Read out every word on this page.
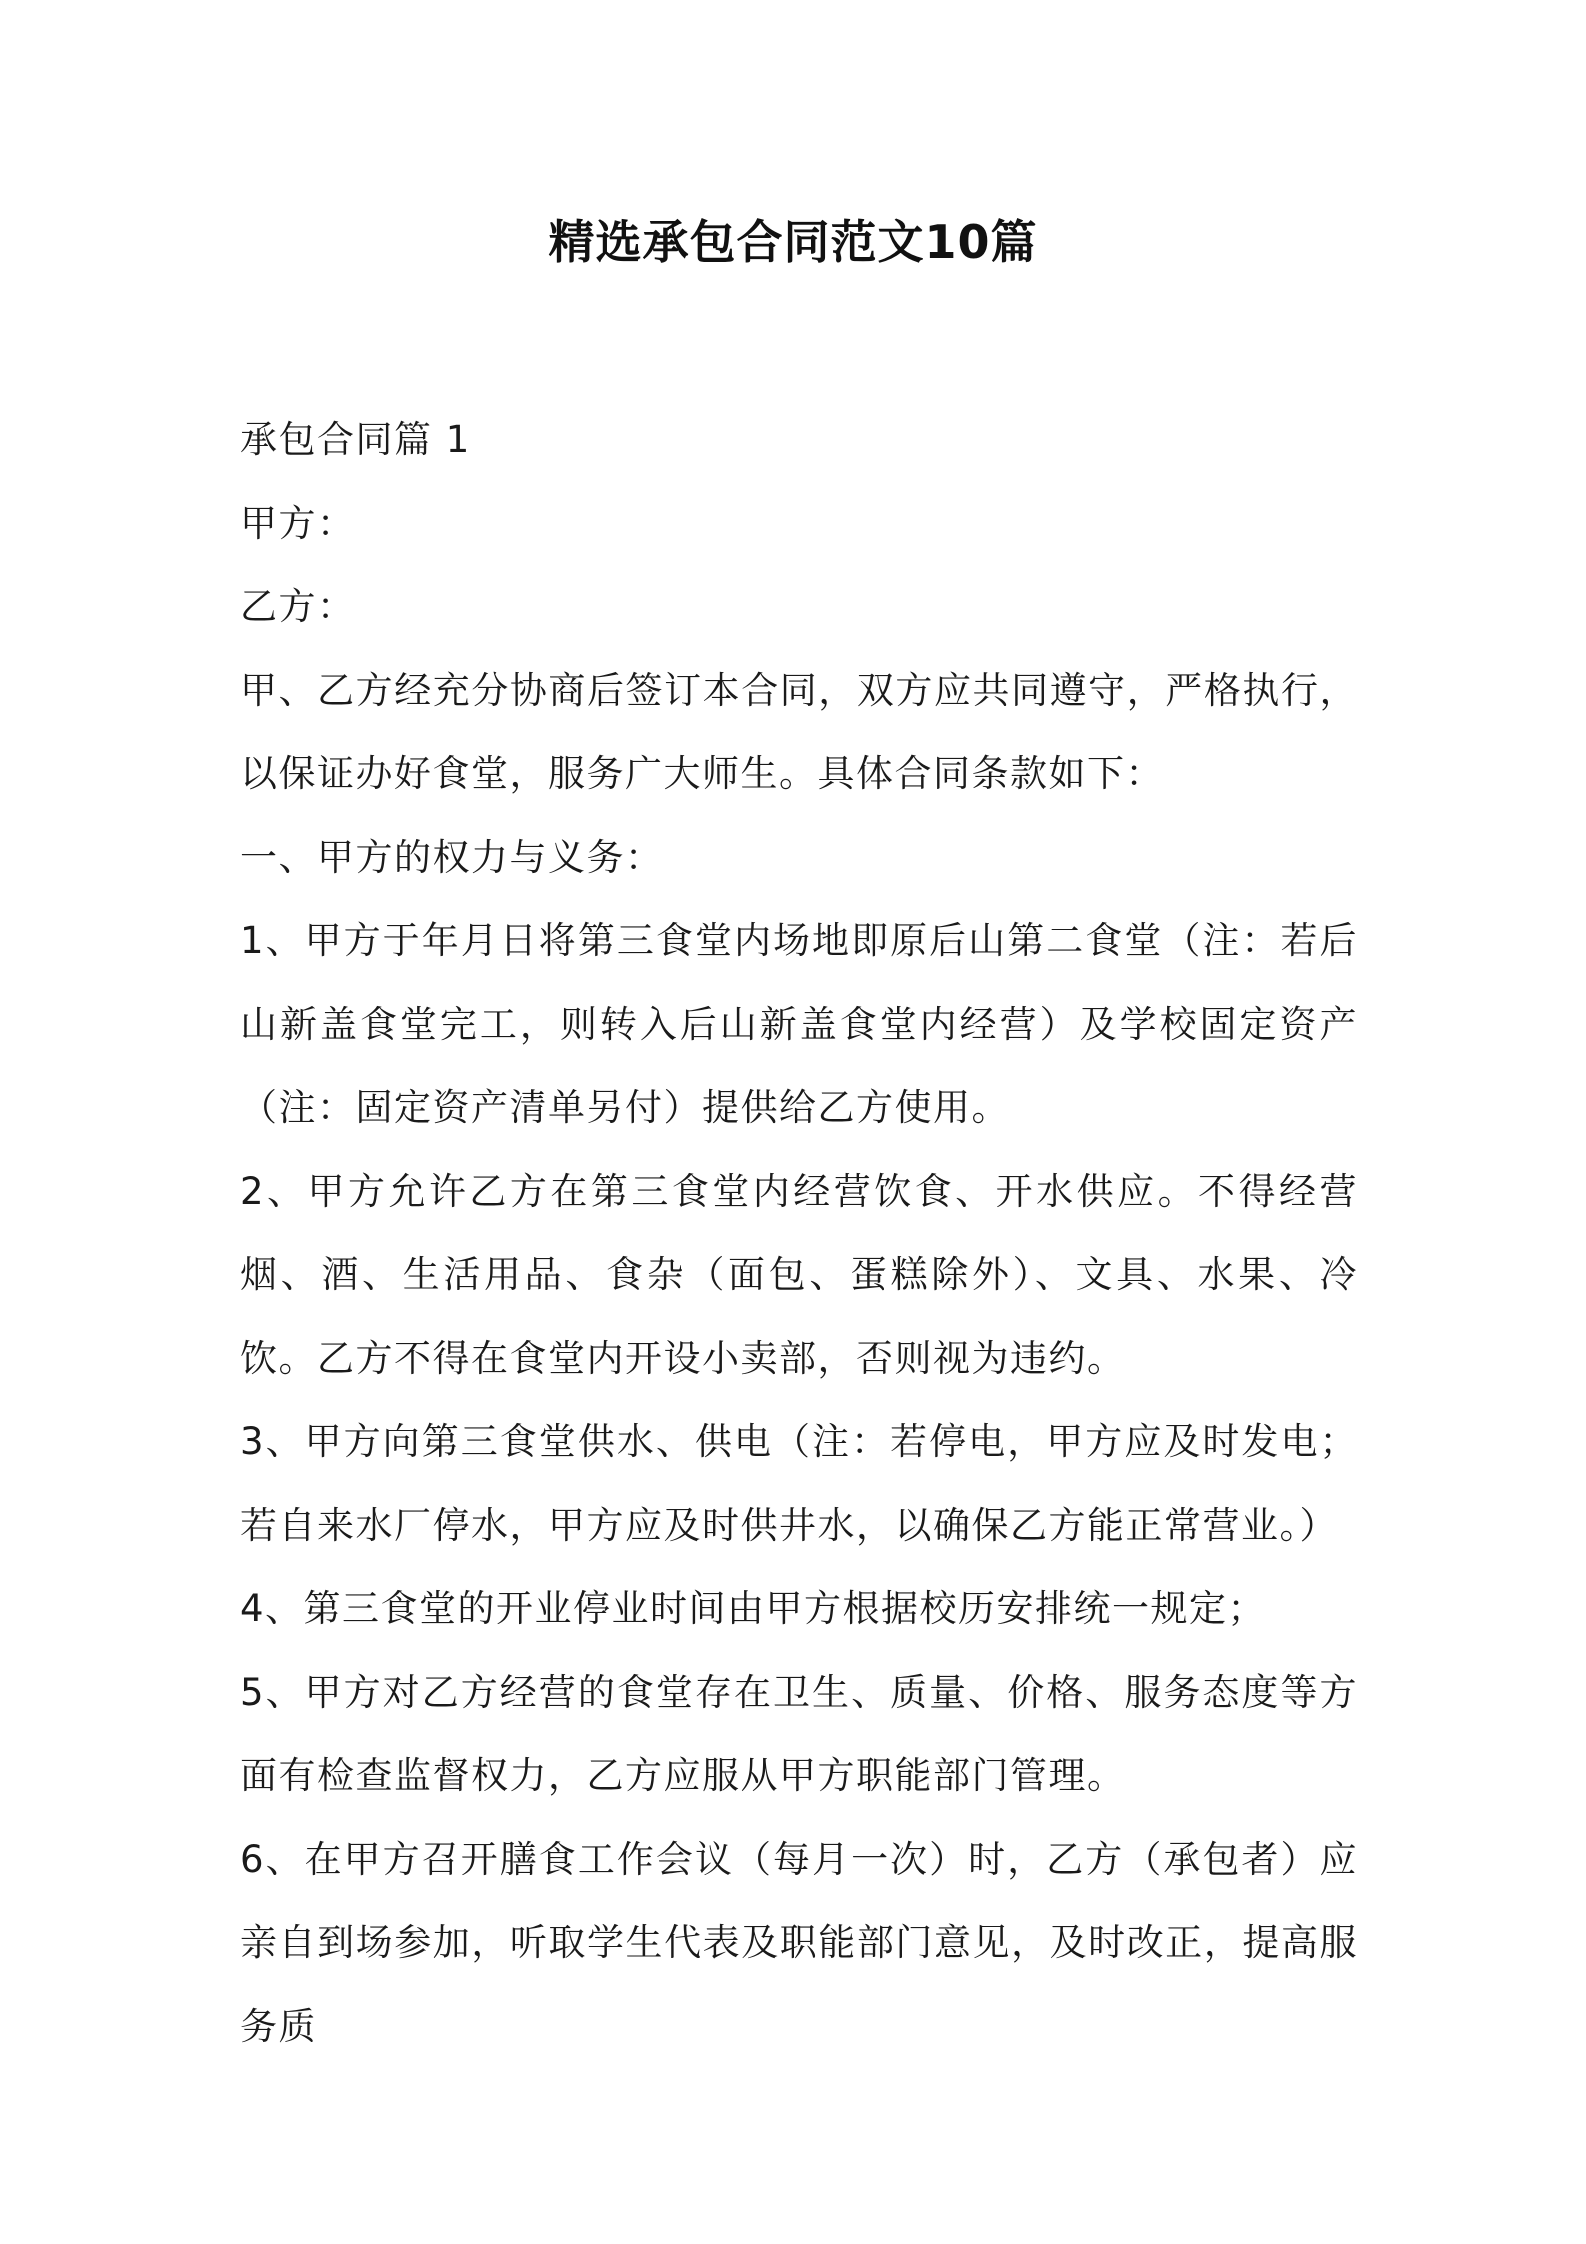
精选承包合同范文10篇

承包合同篇 1

甲方：

乙方：

甲、乙方经充分协商后签订本合同，双方应共同遵守，严格执行，以保证办好食堂，服务广大师生。具体合同条款如下：

一、甲方的权力与义务：

1、甲方于年月日将第三食堂内场地即原后山第二食堂（注：若后山新盖食堂完工，则转入后山新盖食堂内经营）及学校固定资产（注：固定资产清单另付）提供给乙方使用。

2、甲方允许乙方在第三食堂内经营饮食、开水供应。不得经营烟、酒、生活用品、食杂（面包、蛋糕除外）、文具、水果、冷饮。乙方不得在食堂内开设小卖部，否则视为违约。

3、甲方向第三食堂供水、供电（注：若停电，甲方应及时发电；若自来水厂停水，甲方应及时供井水，以确保乙方能正常营业。）

4、第三食堂的开业停业时间由甲方根据校历安排统一规定；

5、甲方对乙方经营的食堂存在卫生、质量、价格、服务态度等方面有检查监督权力，乙方应服从甲方职能部门管理。

6、在甲方召开膳食工作会议（每月一次）时，乙方（承包者）应亲自到场参加，听取学生代表及职能部门意见，及时改正，提高服务质
